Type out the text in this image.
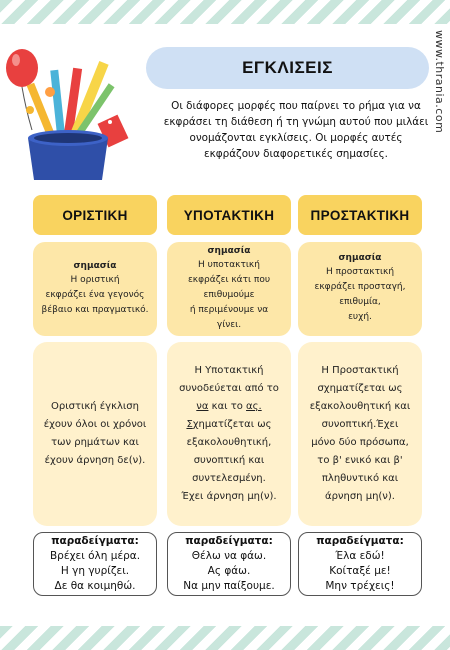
www.thrania.com
ΕΓΚΛΙΣΕΙΣ
Οι διάφορες μορφές που παίρνει το ρήμα για να εκφράσει τη διάθεση ή τη γνώμη αυτού που μιλάει ονομάζονται εγκλίσεις. Οι μορφές αυτές εκφράζουν διαφορετικές σημασίες.
ΟΡΙΣΤΙΚΗ
σημασία
Η οριστική
εκφράζει ένα γεγονός
βέβαιο και πραγματικό.
Οριστική έγκλιση
έχουν όλοι οι χρόνοι
των ρημάτων και
έχουν άρνηση δε(ν).
παραδείγματα:
Βρέχει όλη μέρα.
Η γη γυρίζει.
Δε θα κοιμηθώ.
ΥΠΟΤΑΚΤΙΚΗ
σημασία
Η υποτακτική
εκφράζει κάτι που
επιθυμούμε
ή περιμένουμε να
γίνει.
Η Υποτακτική
συνοδεύεται από το
να και το ας.
Σχηματίζεται ως
εξακολουθητική,
συνοπτική και
συντελεσμένη.
Έχει άρνηση μη(ν).
παραδείγματα:
Θέλω να φάω.
Ας φάω.
Να μην παίξουμε.
ΠΡΟΣΤΑΚΤΙΚΗ
σημασία
Η προστακτική
εκφράζει προσταγή,
επιθυμία,
ευχή.
Η Προστακτική
σχηματίζεται ως
εξακολουθητική και
συνοπτική.Έχει
μόνο δύο πρόσωπα,
το β' ενικό και β'
πληθυντικό και
άρνηση μη(ν).
παραδείγματα:
Έλα εδώ!
Κοίταξέ με!
Μην τρέχεις!
